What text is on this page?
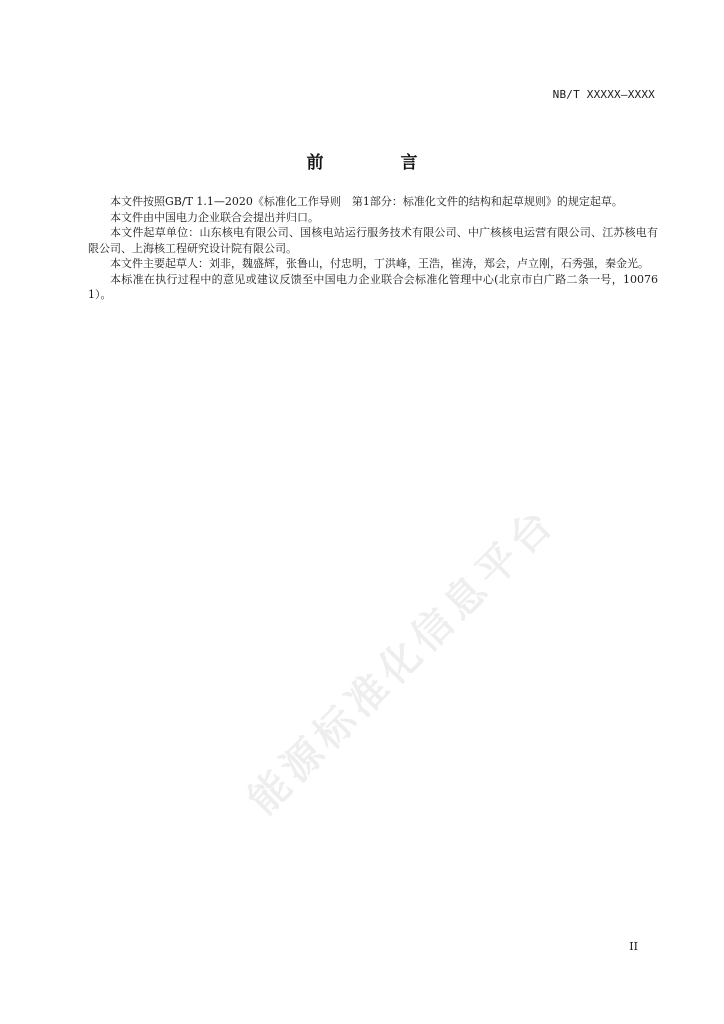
NB/T XXXXX—XXXX
前　言

本文件按照GB/T 1.1—2020《标准化工作导则　第1部分：标准化文件的结构和起草规则》的规定起草。

本文件由中国电力企业联合会提出并归口。

本文件起草单位：山东核电有限公司、国核电站运行服务技术有限公司、中广核核电运营有限公司、江苏核电有限公司、上海核工程研究设计院有限公司。

本文件主要起草人：刘非，魏盛辉，张鲁山，付忠明，丁洪峰，王浩，崔涛，郑会，卢立刚，石秀强，秦金光。

本标准在执行过程中的意见或建议反馈至中国电力企业联合会标准化管理中心(北京市白广路二条一号，100761）。

能源标准化信息平台
II
